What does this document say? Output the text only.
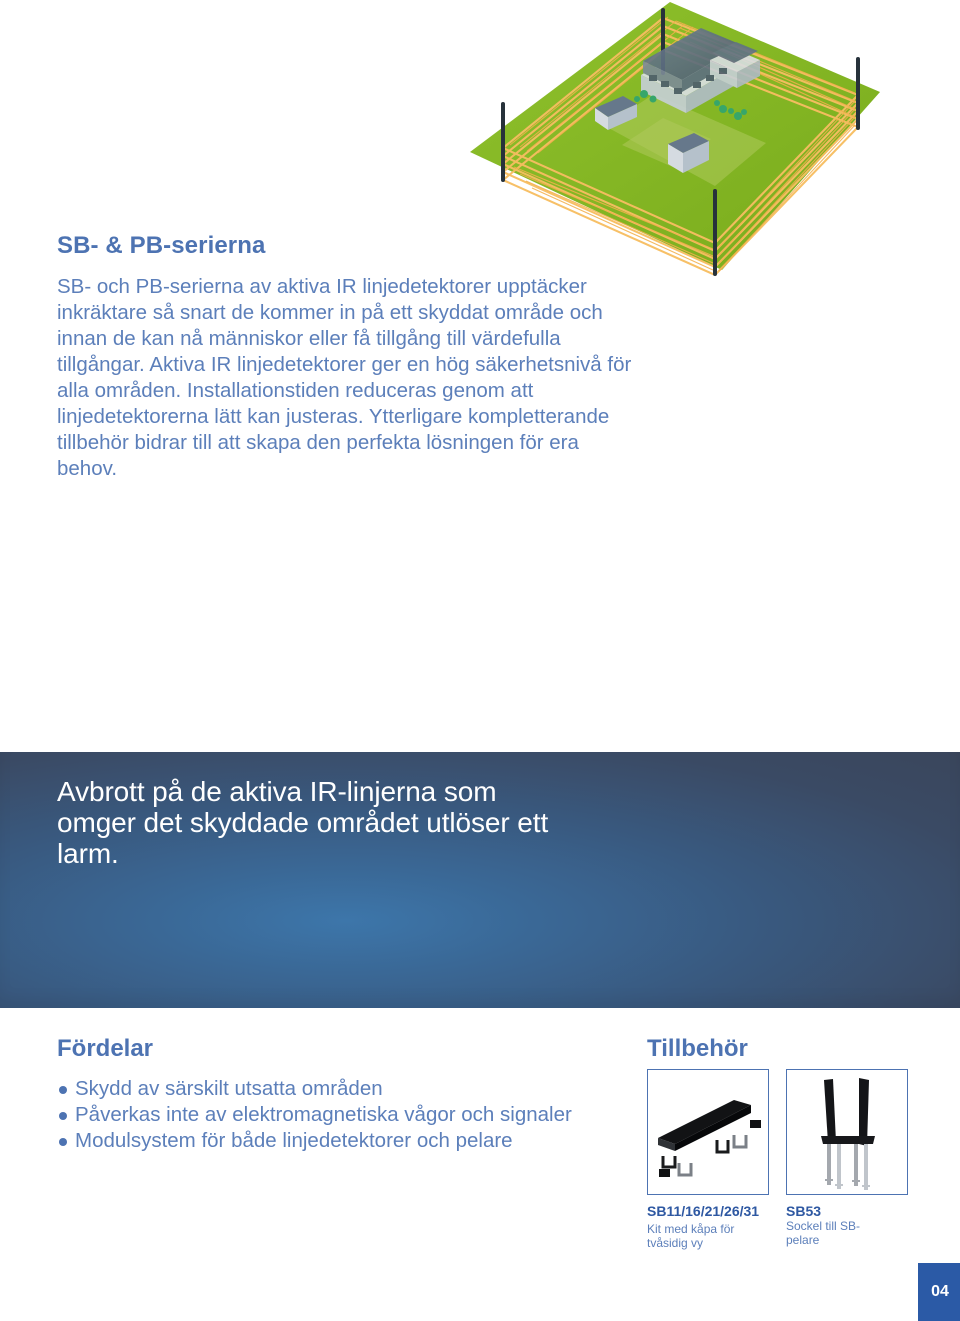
SB- & PB-serierna

SB- och PB-serierna av aktiva IR linjedetektorer upptäcker inkräktare så snart de kommer in på ett skyddat område och innan de kan nå människor eller få tillgång till värdefulla tillgångar. Aktiva IR linjedetektorer ger en hög säkerhetsnivå för alla områden. Installationstiden reduceras genom att linjedetektorerna lätt kan justeras. Ytterligare kompletterande tillbehör bidrar till att skapa den perfekta lösningen för era behov.

Avbrott på de aktiva IR-linjerna som omger det skyddade området utlöser ett larm.

Fördelar
Skydd av särskilt utsatta områden
Påverkas inte av elektromagnetiska vågor och signaler
Modulsystem för både linjedetektorer och pelare
Tillbehör
SB11/16/21/26/31
Kit med kåpa för tvåsidig vy
SB53
Sockel till SB-pelare
04
